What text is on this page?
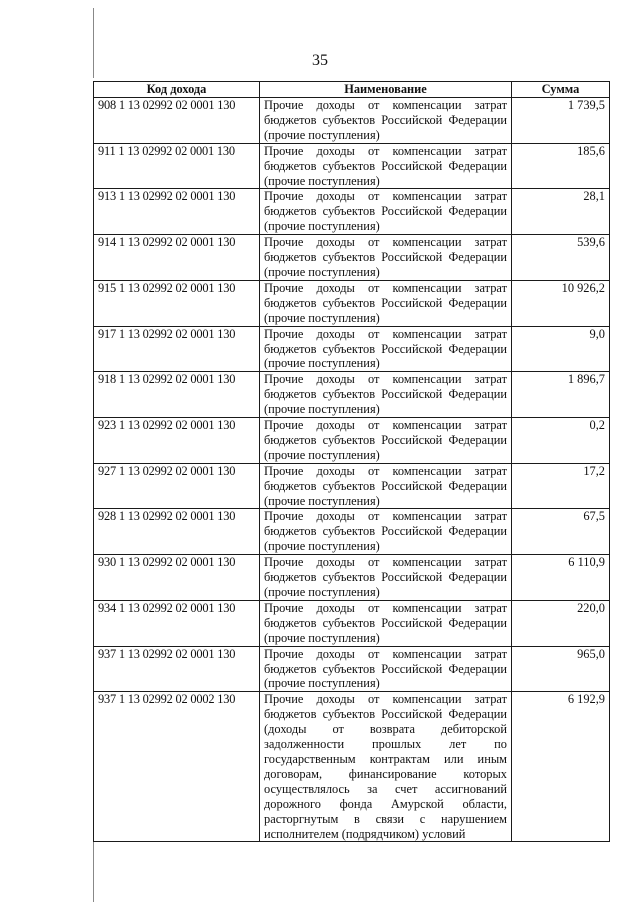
35
Код дохода	Наименование	Сумма
908 1 13 02992 02 0001 130	Прочие доходы от компенсации затрат бюджетов субъектов Российской Федерации (прочие поступления)	1 739,5
911 1 13 02992 02 0001 130	Прочие доходы от компенсации затрат бюджетов субъектов Российской Федерации (прочие поступления)	185,6
913 1 13 02992 02 0001 130	Прочие доходы от компенсации затрат бюджетов субъектов Российской Федерации (прочие поступления)	28,1
914 1 13 02992 02 0001 130	Прочие доходы от компенсации затрат бюджетов субъектов Российской Федерации (прочие поступления)	539,6
915 1 13 02992 02 0001 130	Прочие доходы от компенсации затрат бюджетов субъектов Российской Федерации (прочие поступления)	10 926,2
917 1 13 02992 02 0001 130	Прочие доходы от компенсации затрат бюджетов субъектов Российской Федерации (прочие поступления)	9,0
918 1 13 02992 02 0001 130	Прочие доходы от компенсации затрат бюджетов субъектов Российской Федерации (прочие поступления)	1 896,7
923 1 13 02992 02 0001 130	Прочие доходы от компенсации затрат бюджетов субъектов Российской Федерации (прочие поступления)	0,2
927 1 13 02992 02 0001 130	Прочие доходы от компенсации затрат бюджетов субъектов Российской Федерации (прочие поступления)	17,2
928 1 13 02992 02 0001 130	Прочие доходы от компенсации затрат бюджетов субъектов Российской Федерации (прочие поступления)	67,5
930 1 13 02992 02 0001 130	Прочие доходы от компенсации затрат бюджетов субъектов Российской Федерации (прочие поступления)	6 110,9
934 1 13 02992 02 0001 130	Прочие доходы от компенсации затрат бюджетов субъектов Российской Федерации (прочие поступления)	220,0
937 1 13 02992 02 0001 130	Прочие доходы от компенсации затрат бюджетов субъектов Российской Федерации (прочие поступления)	965,0
937 1 13 02992 02 0002 130	Прочие доходы от компенсации затрат бюджетов субъектов Российской Федерации (доходы от возврата дебиторской задолженности прошлых лет по государственным контрактам или иным договорам, финансирование которых осуществлялось за счет ассигнований дорожного фонда Амурской области, расторгнутым в связи с нарушением исполнителем (подрядчиком) условий	6 192,9
